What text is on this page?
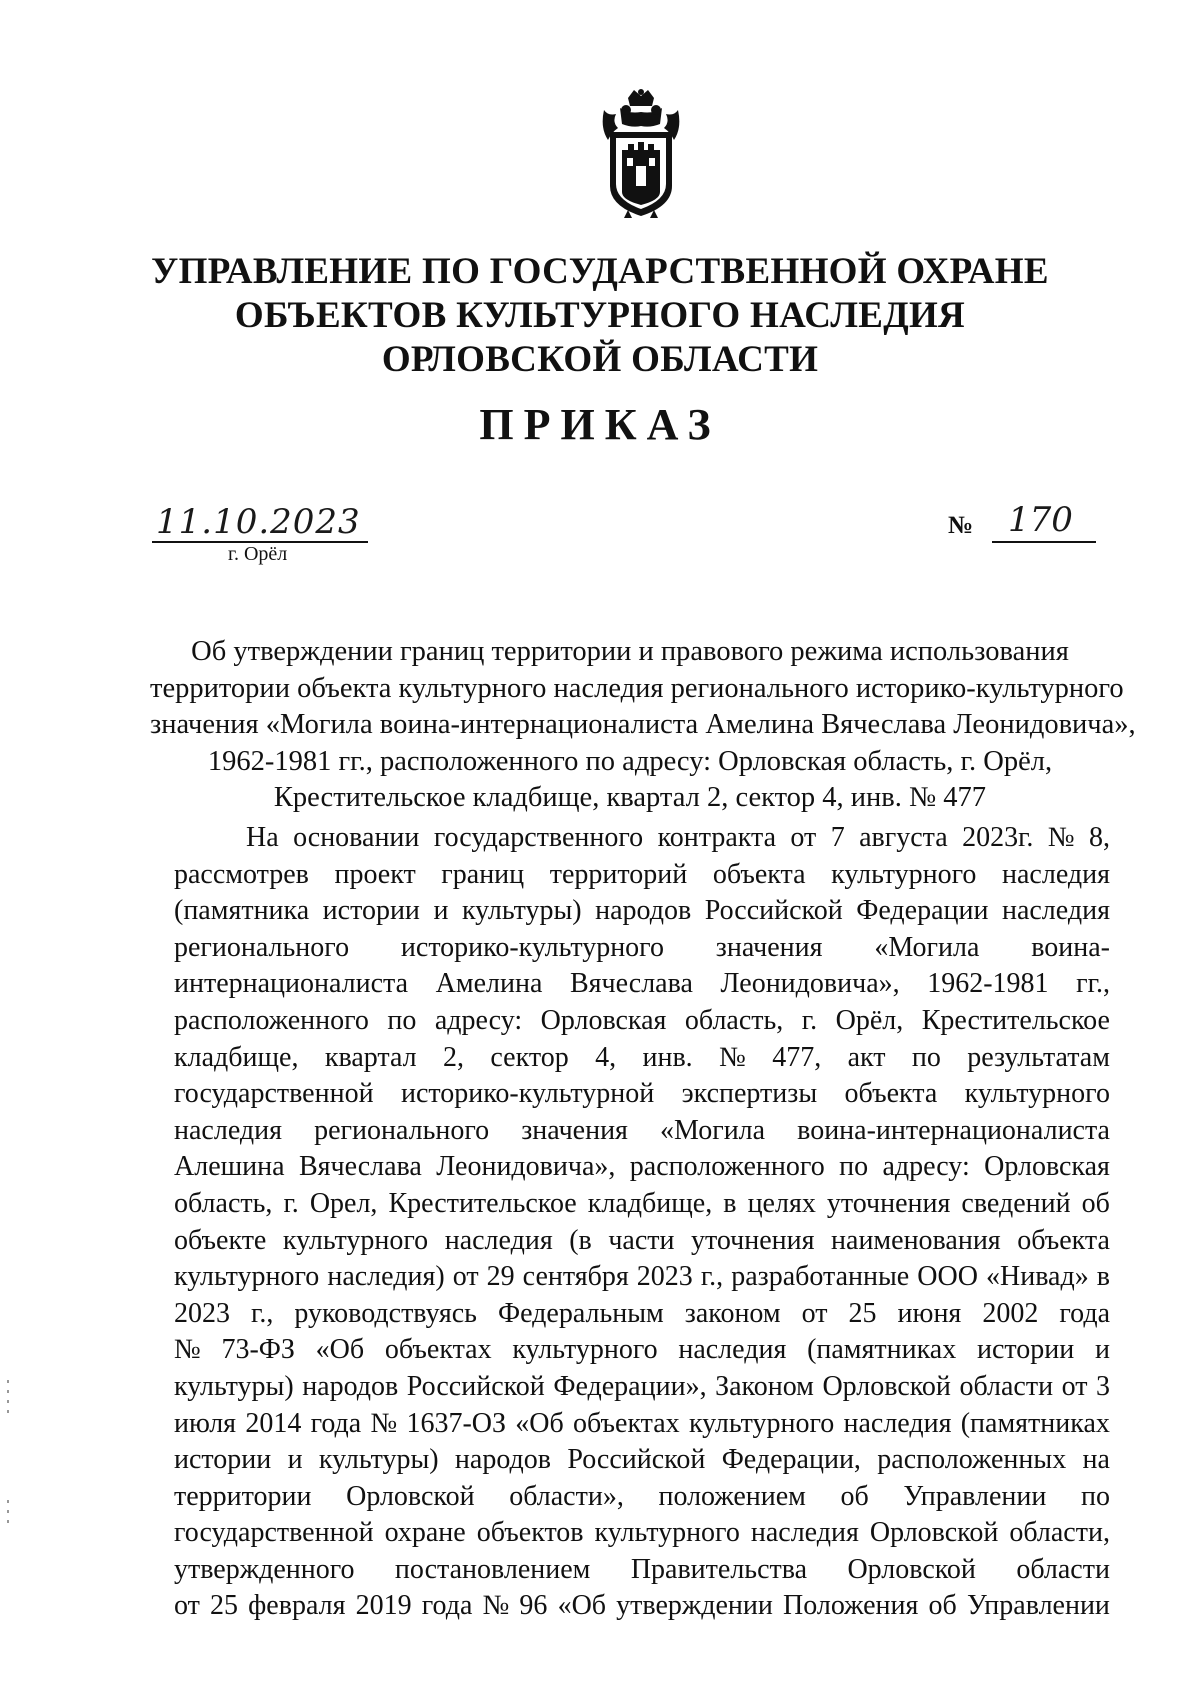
УПРАВЛЕНИЕ ПО ГОСУДАРСТВЕННОЙ ОХРАНЕ
ОБЪЕКТОВ КУЛЬТУРНОГО НАСЛЕДИЯ
ОРЛОВСКОЙ ОБЛАСТИ
ПРИКАЗ
11.10.2023
г. Орёл
№ 170
Об утверждении границ территории и правового режима использования
территории объекта культурного наследия регионального историко-культурного
значения «Могила воина-интернационалиста Амелина Вячеслава Леонидовича»,
1962-1981 гг., расположенного по адресу: Орловская область, г. Орёл,
Крестительское кладбище, квартал 2, сектор 4, инв. № 477
На основании государственного контракта от 7 августа 2023г. № 8,
рассмотрев проект границ территорий объекта культурного наследия
(памятника истории и культуры) народов Российской Федерации наследия
регионального историко-культурного значения «Могила воина-
интернационалиста Амелина Вячеслава Леонидовича», 1962-1981 гг.,
расположенного по адресу: Орловская область, г. Орёл, Крестительское
кладбище, квартал 2, сектор 4, инв. № 477, акт по результатам
государственной историко-культурной экспертизы объекта культурного
наследия регионального значения «Могила воина-интернационалиста
Алешина Вячеслава Леонидовича», расположенного по адресу: Орловская
область, г. Орел, Крестительское кладбище, в целях уточнения сведений об
объекте культурного наследия (в части уточнения наименования объекта
культурного наследия) от 29 сентября 2023 г., разработанные ООО «Нивад» в
2023 г., руководствуясь Федеральным законом от 25 июня 2002 года
№ 73-ФЗ «Об объектах культурного наследия (памятниках истории и
культуры) народов Российской Федерации», Законом Орловской области от 3
июля 2014 года № 1637-ОЗ «Об объектах культурного наследия (памятниках
истории и культуры) народов Российской Федерации, расположенных на
территории Орловской области», положением об Управлении по
государственной охране объектов культурного наследия Орловской области,
утвержденного постановлением Правительства Орловской области
от 25 февраля 2019 года № 96 «Об утверждении Положения об Управлении
